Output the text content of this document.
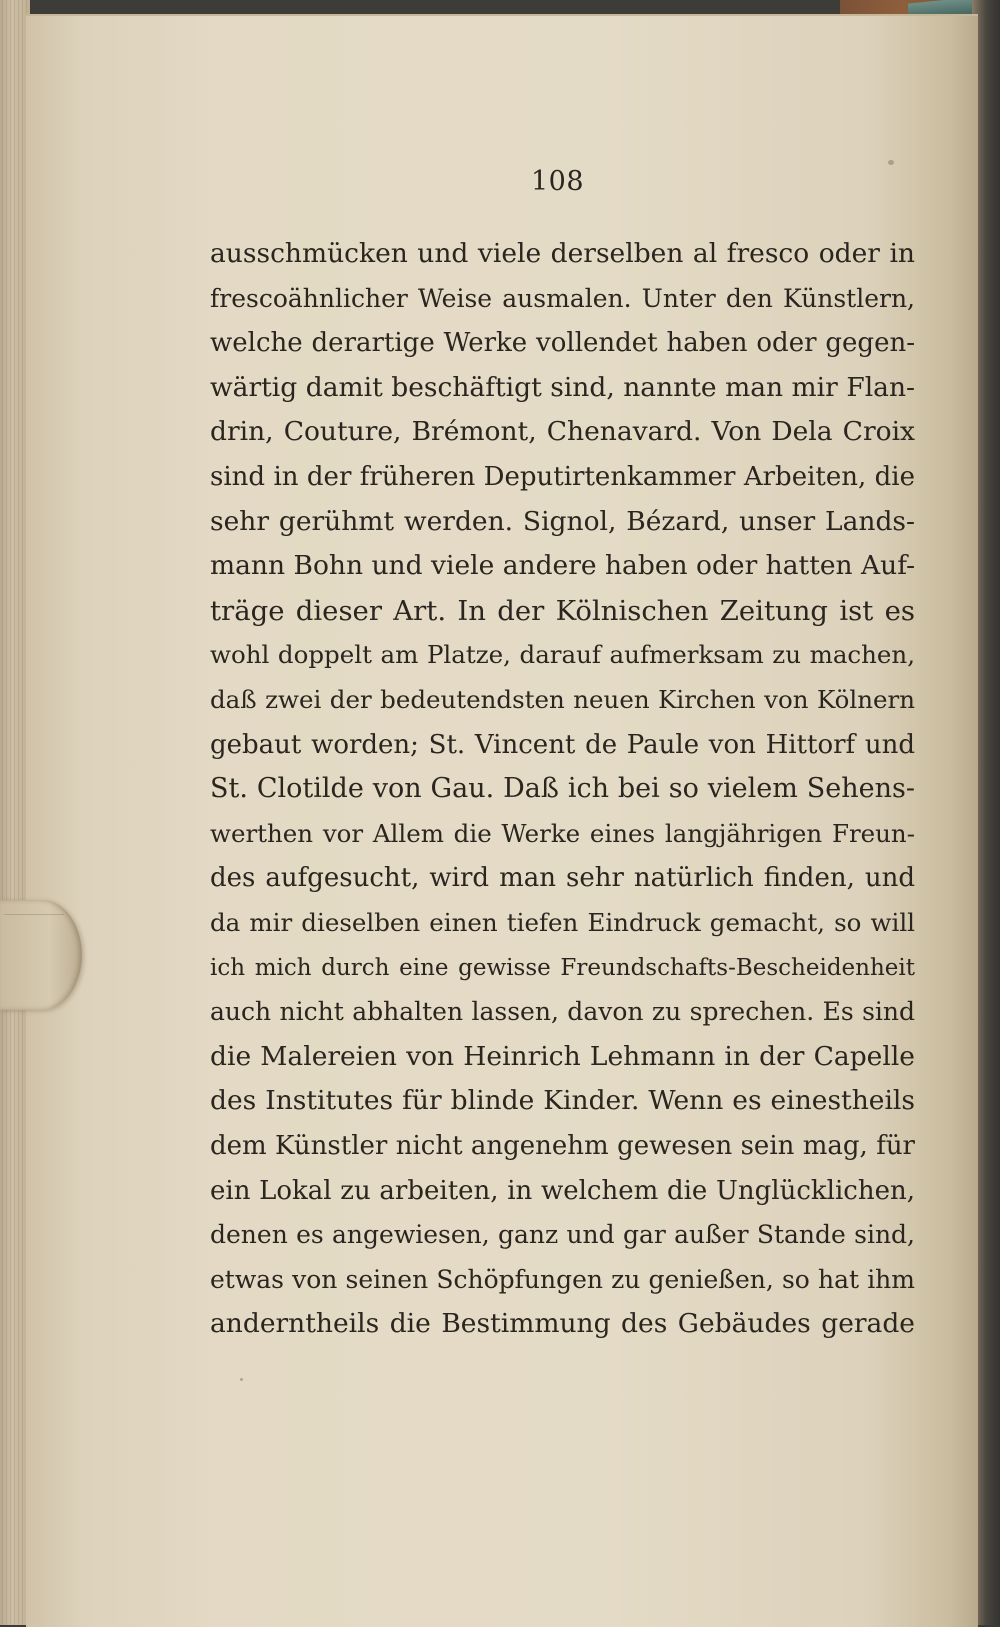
108
ausschmücken und viele derselben al fresco oder in
frescoähnlicher Weise ausmalen. Unter den Künstlern,
welche derartige Werke vollendet haben oder gegen-
wärtig damit beschäftigt sind, nannte man mir Flan-
drin, Couture, Brémont, Chenavard. Von Dela Croix
sind in der früheren Deputirtenkammer Arbeiten, die
sehr gerühmt werden. Signol, Bézard, unser Lands-
mann Bohn und viele andere haben oder hatten Auf-
träge dieser Art. In der Kölnischen Zeitung ist es
wohl doppelt am Platze, darauf aufmerksam zu machen,
daß zwei der bedeutendsten neuen Kirchen von Kölnern
gebaut worden; St. Vincent de Paule von Hittorf und
St. Clotilde von Gau. Daß ich bei so vielem Sehens-
werthen vor Allem die Werke eines langjährigen Freun-
des aufgesucht, wird man sehr natürlich finden, und
da mir dieselben einen tiefen Eindruck gemacht, so will
ich mich durch eine gewisse Freundschafts-Bescheidenheit
auch nicht abhalten lassen, davon zu sprechen. Es sind
die Malereien von Heinrich Lehmann in der Capelle
des Institutes für blinde Kinder. Wenn es einestheils
dem Künstler nicht angenehm gewesen sein mag, für
ein Lokal zu arbeiten, in welchem die Unglücklichen,
denen es angewiesen, ganz und gar außer Stande sind,
etwas von seinen Schöpfungen zu genießen, so hat ihm
anderntheils die Bestimmung des Gebäudes gerade
